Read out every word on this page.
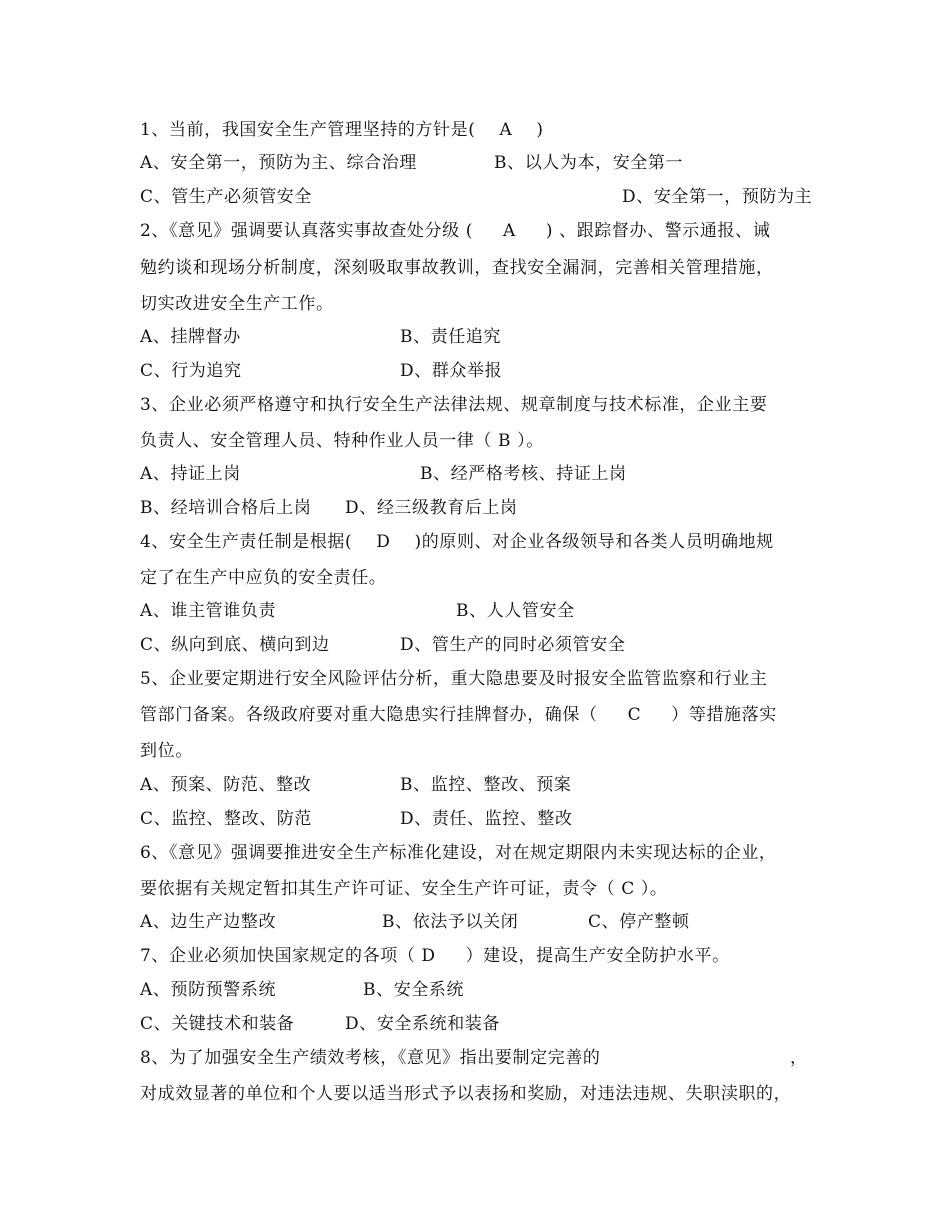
1、当前，我国安全生产管理坚持的方针是(    A    )
A、安全第一，预防为主、综合治理	B、以人为本，安全第一
C、管生产必须管安全	D、安全第一，预防为主
2、《意见》强调要认真落实事故查处分级 (     A     ) 、跟踪督办、警示通报、诫
勉约谈和现场分析制度，深刻吸取事故教训，查找安全漏洞，完善相关管理措施，
切实改进安全生产工作。
A、挂牌督办	B、责任追究
C、行为追究	D、群众举报
3、企业必须严格遵守和执行安全生产法律法规、规章制度与技术标准，企业主要
负责人、安全管理人员、特种作业人员一律（ B ）。
A、持证上岗	B、经严格考核、持证上岗
B、经培训合格后上岗 D、经三级教育后上岗
4、安全生产责任制是根据(    D    )的原则、对企业各级领导和各类人员明确地规
定了在生产中应负的安全责任。
A、谁主管谁负责	B、人人管安全
C、纵向到底、横向到边	D、管生产的同时必须管安全
5、企业要定期进行安全风险评估分析，重大隐患要及时报安全监管监察和行业主
管部门备案。各级政府要对重大隐患实行挂牌督办，确保（     C     ）等措施落实
到位。
A、预案、防范、整改	B、监控、整改、预案
C、监控、整改、防范	D、责任、监控、整改
6、《意见》强调要推进安全生产标准化建设，对在规定期限内未实现达标的企业，
要依据有关规定暂扣其生产许可证、安全生产许可证，责令（ C ）。
A、边生产边整改	B、依法予以关闭	C、停产整顿
7、企业必须加快国家规定的各项（ D     ）建设，提高生产安全防护水平。
A、预防预警系统	B、安全系统
C、关键技术和装备	D、安全系统和装备
8、为了加强安全生产绩效考核，《意见》指出要制定完善的	，
对成效显著的单位和个人要以适当形式予以表扬和奖励，对违法违规、失职渎职的，
